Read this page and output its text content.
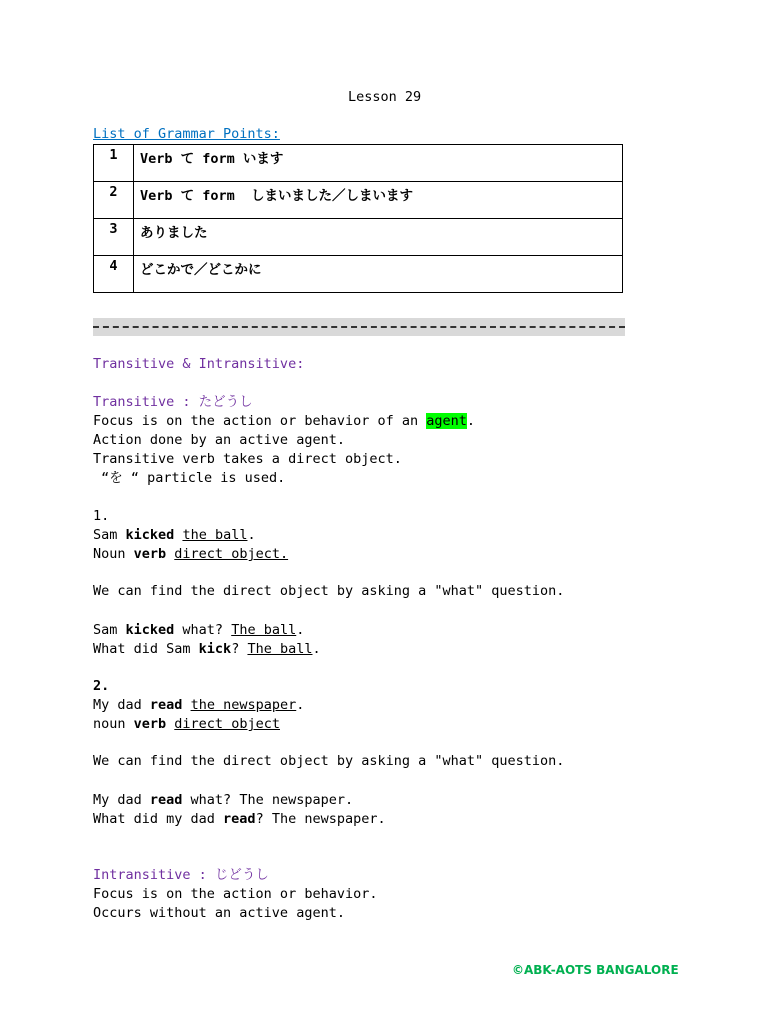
Lesson 29
List of Grammar Points:
1	Verb て form います
2	Verb て form  しまいました／しまいます
3	ありました
4	どこかで／どこかに
Transitive & Intransitive:
Transitive : たどうし
Focus is on the action or behavior of an agent.
Action done by an active agent.
Transitive verb takes a direct object.
“を “ particle is used.
1.
Sam kicked the ball.
Noun verb direct object.
We can find the direct object by asking a "what" question.
Sam kicked what? The ball.
What did Sam kick? The ball.
2.
My dad read the newspaper.
noun verb direct object
We can find the direct object by asking a "what" question.
My dad read what? The newspaper.
What did my dad read? The newspaper.
Intransitive : じどうし
Focus is on the action or behavior.
Occurs without an active agent.
©ABK-AOTS BANGALORE
